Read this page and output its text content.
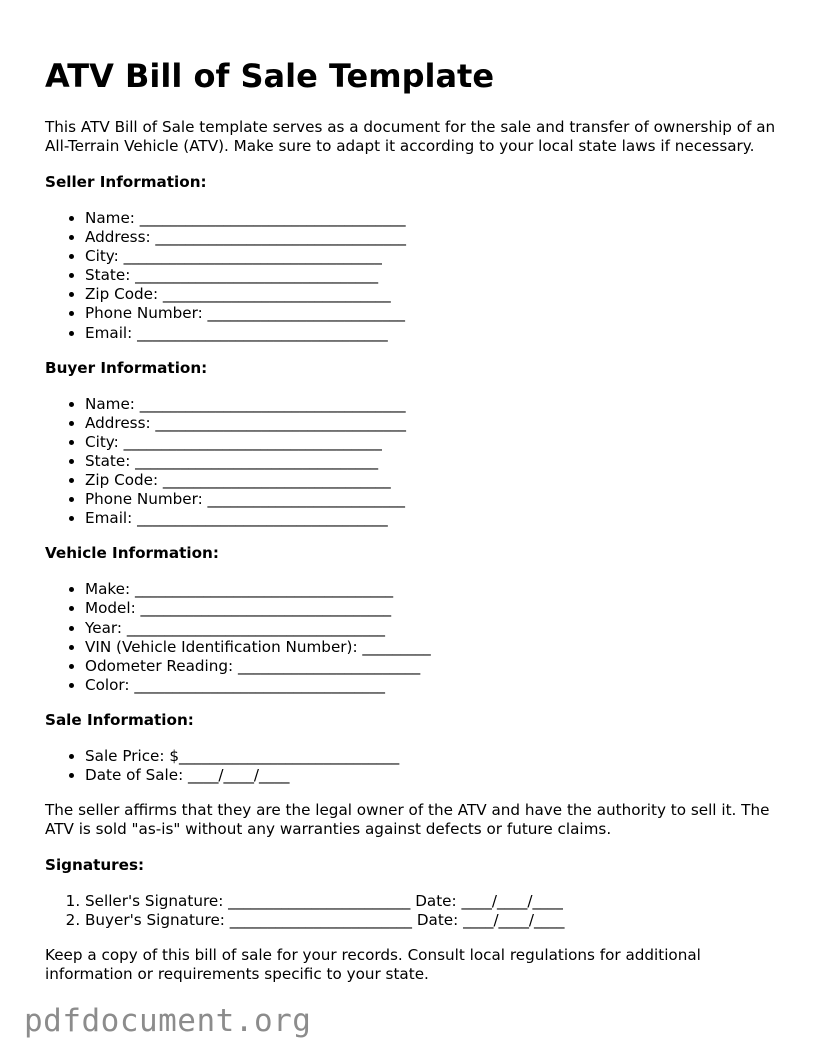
ATV Bill of Sale Template

This ATV Bill of Sale template serves as a document for the sale and transfer of ownership of an All-Terrain Vehicle (ATV). Make sure to adapt it according to your local state laws if necessary.

Seller Information:
• Name: ___________________________________
• Address: _________________________________
• City: __________________________________
• State: ________________________________
• Zip Code: ______________________________
• Phone Number: __________________________
• Email: _________________________________
Buyer Information:
• Name: ___________________________________
• Address: _________________________________
• City: __________________________________
• State: ________________________________
• Zip Code: ______________________________
• Phone Number: __________________________
• Email: _________________________________
Vehicle Information:
• Make: __________________________________
• Model: _________________________________
• Year: __________________________________
• VIN (Vehicle Identification Number): _________
• Odometer Reading: ________________________
• Color: _________________________________
Sale Information:
• Sale Price: $_____________________________
• Date of Sale: ____/____/____

The seller affirms that they are the legal owner of the ATV and have the authority to sell it. The ATV is sold "as-is" without any warranties against defects or future claims.

Signatures:
1. Seller's Signature: ________________________ Date: ____/____/____
2. Buyer's Signature: ________________________ Date: ____/____/____

Keep a copy of this bill of sale for your records. Consult local regulations for additional information or requirements specific to your state.

pdfdocument.org
